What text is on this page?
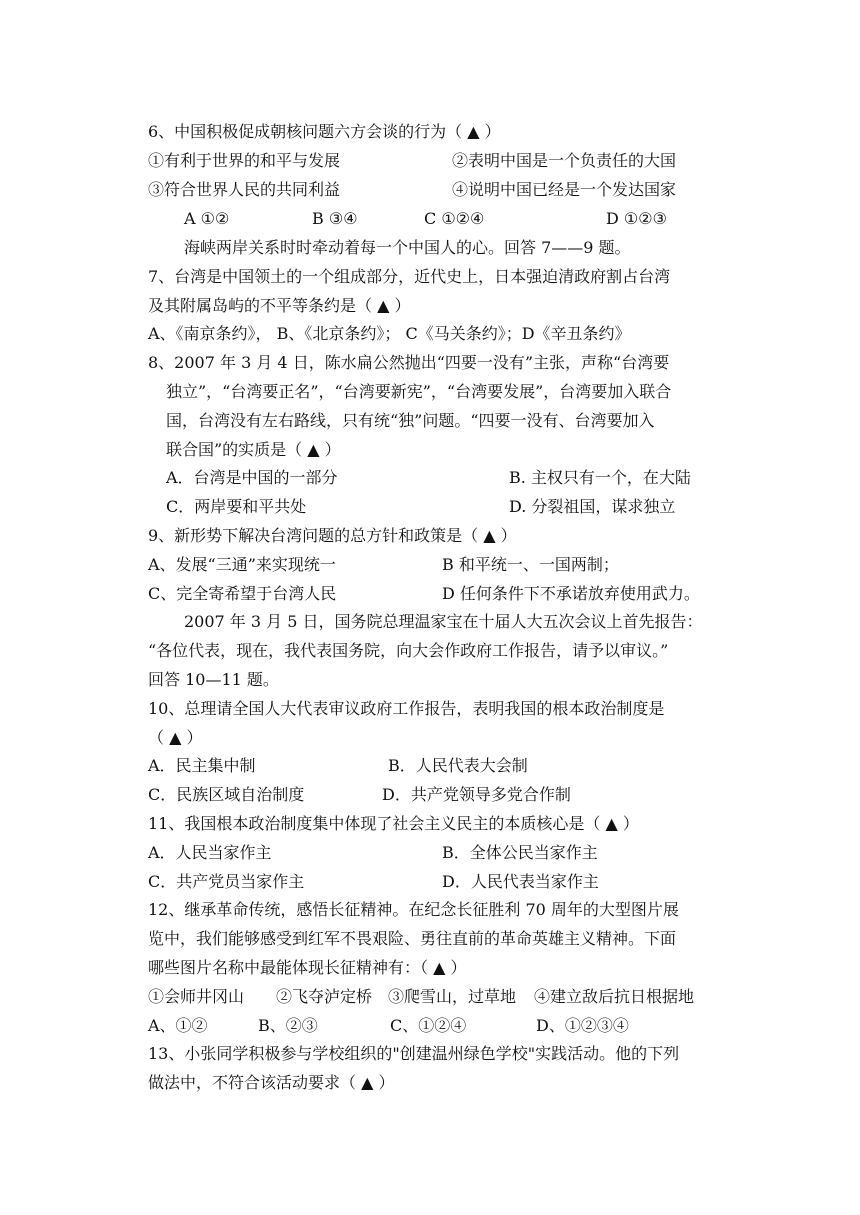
6、中国积极促成朝核问题六方会谈的行为（ ▲ ）
①有利于世界的和平与发展	②表明中国是一个负责任的大国
③符合世界人民的共同利益	④说明中国已经是一个发达国家
A ①②	B ③④	C ①②④	D ①②③
海峡两岸关系时时牵动着每一个中国人的心。回答 7——9 题。
7、台湾是中国领土的一个组成部分，近代史上，日本强迫清政府割占台湾
及其附属岛屿的不平等条约是（ ▲ ）
A、《南京条约》， B、《北京条约》； C《马关条约》；D《辛丑条约》
8、2007 年 3 月 4 日，陈水扁公然抛出“四要一没有”主张，声称“台湾要
独立”，“台湾要正名”，“台湾要新宪”，“台湾要发展”，台湾要加入联合
国，台湾没有左右路线，只有统“独”问题。“四要一没有、台湾要加入
联合国”的实质是（ ▲ ）
A．台湾是中国的一部分	B. 主权只有一个，在大陆
C．两岸要和平共处	D. 分裂祖国，谋求独立
9、新形势下解决台湾问题的总方针和政策是（ ▲ ）
A、发展“三通”来实现统一	B 和平统一、一国两制；
C、完全寄希望于台湾人民	D 任何条件下不承诺放弃使用武力。
2007 年 3 月 5 日，国务院总理温家宝在十届人大五次会议上首先报告：
“各位代表，现在，我代表国务院，向大会作政府工作报告，请予以审议。”
回答 10—11 题。
10、总理请全国人大代表审议政府工作报告，表明我国的根本政治制度是
（ ▲ ）
A．民主集中制	B．人民代表大会制
C．民族区域自治制度	D．共产党领导多党合作制
11、我国根本政治制度集中体现了社会主义民主的本质核心是（ ▲ ）
A．人民当家作主	B．全体公民当家作主
C．共产党员当家作主	D．人民代表当家作主
12、继承革命传统，感悟长征精神。在纪念长征胜利 70 周年的大型图片展
览中，我们能够感受到红军不畏艰险、勇往直前的革命英雄主义精神。下面
哪些图片名称中最能体现长征精神有：（ ▲ ）
①会师井冈山 ②飞夺泸定桥 ③爬雪山，过草地 ④建立敌后抗日根据地
A、①②	B、②③	C、①②④	D、①②③④
13、小张同学积极参与学校组织的"创建温州绿色学校"实践活动。他的下列
做法中，不符合该活动要求（ ▲ ）
